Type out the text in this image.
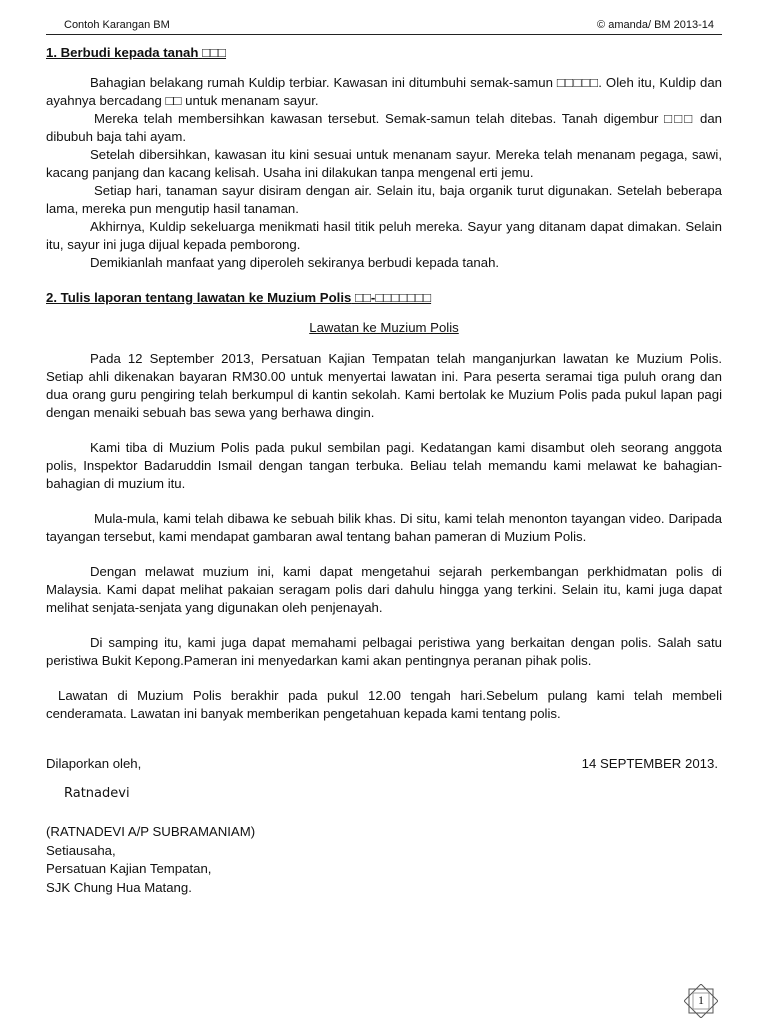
Contoh Karangan BM	© amanda/ BM 2013-14
1. Berbudi kepada tanah □□□

Bahagian belakang rumah Kuldip terbiar. Kawasan ini ditumbuhi semak-samun □□□□□. Oleh itu, Kuldip dan ayahnya bercadang □□ untuk menanam sayur.

Mereka telah membersihkan kawasan tersebut. Semak-samun telah ditebas. Tanah digembur □□□ dan dibubuh baja tahi ayam.

Setelah dibersihkan, kawasan itu kini sesuai untuk menanam sayur. Mereka telah menanam pegaga, sawi, kacang panjang dan kacang kelisah. Usaha ini dilakukan tanpa mengenal erti jemu.

Setiap hari, tanaman sayur disiram dengan air. Selain itu, baja organik turut digunakan. Setelah beberapa lama, mereka pun mengutip hasil tanaman.

Akhirnya, Kuldip sekeluarga menikmati hasil titik peluh mereka. Sayur yang ditanam dapat dimakan. Selain itu, sayur ini juga dijual kepada pemborong.

Demikianlah manfaat yang diperoleh sekiranya berbudi kepada tanah.

2. Tulis laporan tentang lawatan ke Muzium Polis □□-□□□□□□□
Lawatan ke Muzium Polis

Pada 12 September 2013, Persatuan Kajian Tempatan telah manganjurkan lawatan ke Muzium Polis. Setiap ahli dikenakan bayaran RM30.00 untuk menyertai lawatan ini. Para peserta seramai tiga puluh orang dan dua orang guru pengiring telah berkumpul di kantin sekolah. Kami bertolak ke Muzium Polis pada pukul lapan pagi dengan menaiki sebuah bas sewa yang berhawa dingin.

Kami tiba di Muzium Polis pada pukul sembilan pagi. Kedatangan kami disambut oleh seorang anggota polis, Inspektor Badaruddin Ismail dengan tangan terbuka. Beliau telah memandu kami melawat ke bahagian-bahagian di muzium itu.

Mula-mula, kami telah dibawa ke sebuah bilik khas. Di situ, kami telah menonton tayangan video. Daripada tayangan tersebut, kami mendapat gambaran awal tentang bahan pameran di Muzium Polis.

Dengan melawat muzium ini, kami dapat mengetahui sejarah perkembangan perkhidmatan polis di Malaysia. Kami dapat melihat pakaian seragam polis dari dahulu hingga yang terkini. Selain itu, kami juga dapat melihat senjata-senjata yang digunakan oleh penjenayah.

Di samping itu, kami juga dapat memahami pelbagai peristiwa yang berkaitan dengan polis. Salah satu peristiwa Bukit Kepong.Pameran ini menyedarkan kami akan pentingnya peranan pihak polis.

Lawatan di Muzium Polis berakhir pada pukul 12.00 tengah hari.Sebelum pulang kami telah membeli cenderamata. Lawatan ini banyak memberikan pengetahuan kepada kami tentang polis.

Dilaporkan oleh,	14 SEPTEMBER 2013.
Ratnadevi
(RATNADEVI A/P SUBRAMANIAM)
Setiausaha,
Persatuan Kajian Tempatan,
SJK Chung Hua Matang.
1
